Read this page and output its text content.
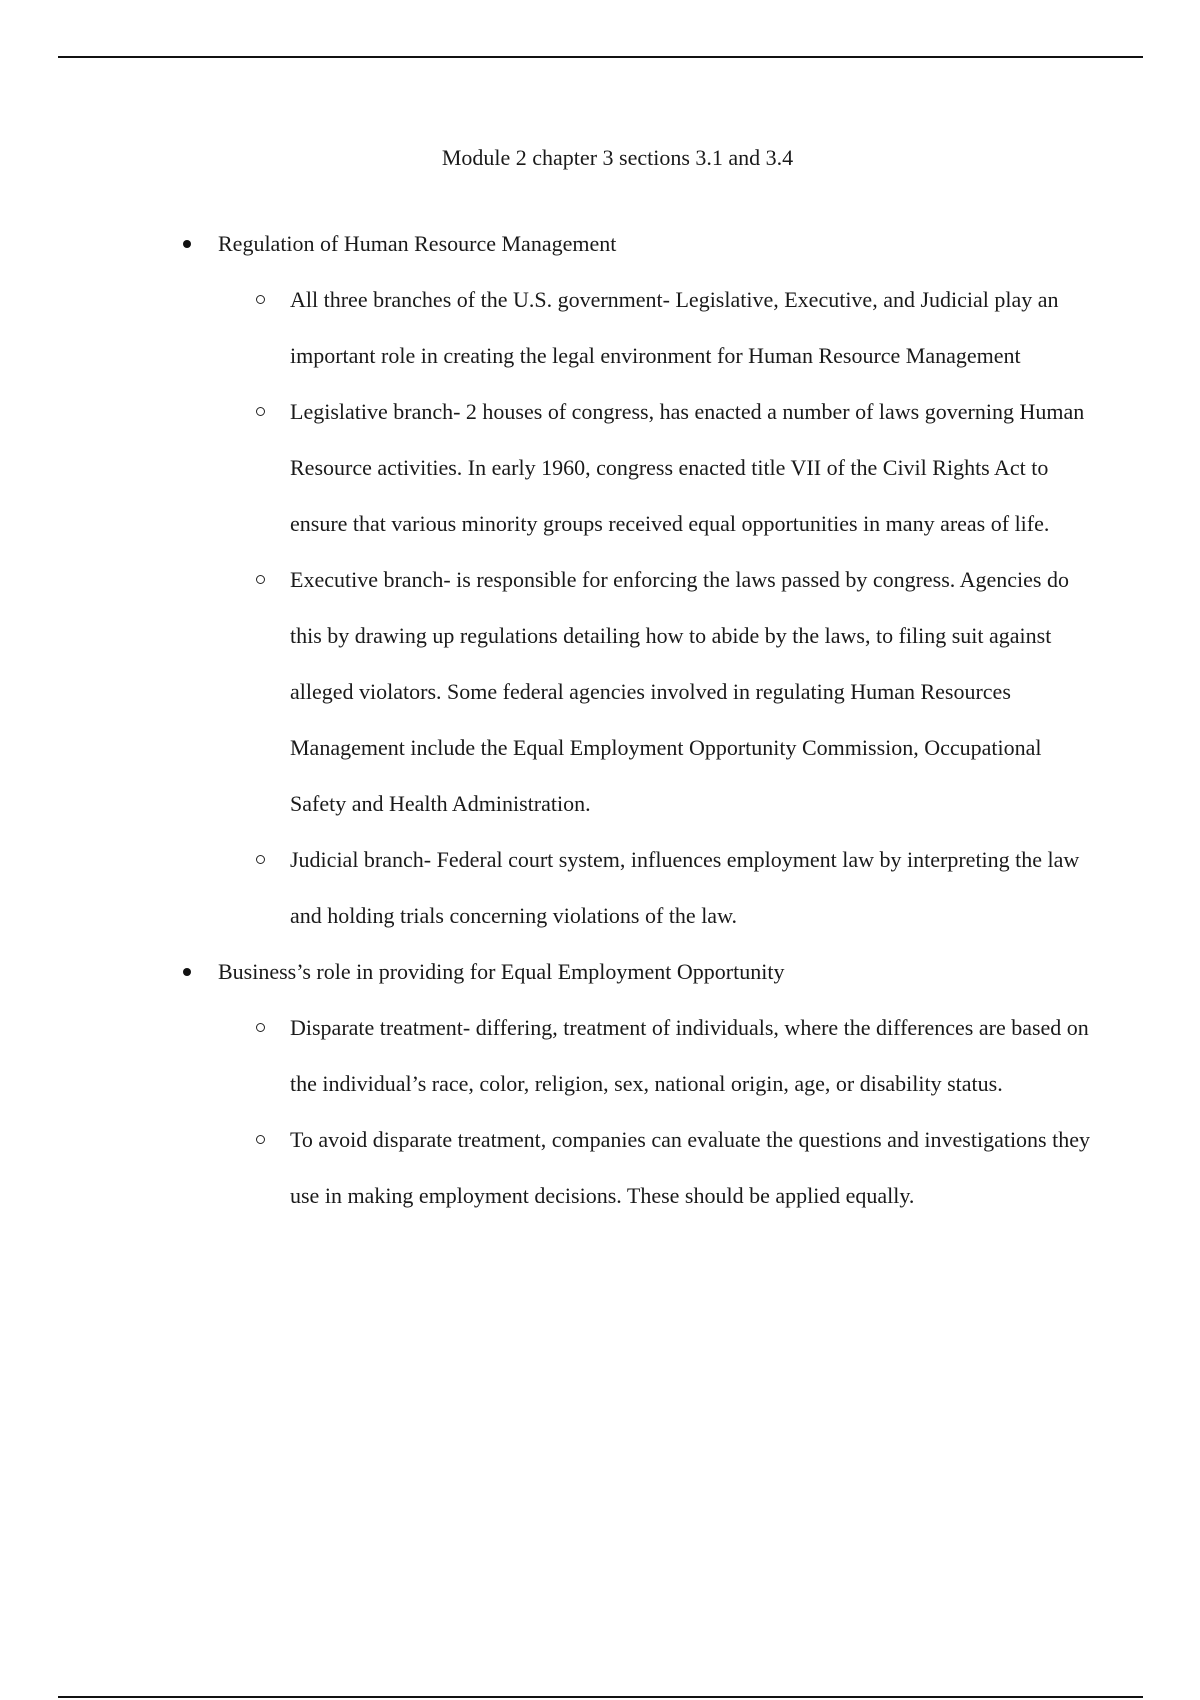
Module 2 chapter 3 sections 3.1 and 3.4
Regulation of Human Resource Management
All three branches of the U.S. government- Legislative, Executive, and Judicial play an important role in creating the legal environment for Human Resource Management
Legislative branch- 2 houses of congress, has enacted a number of laws governing Human Resource activities. In early 1960, congress enacted title VII of the Civil Rights Act to ensure that various minority groups received equal opportunities in many areas of life.
Executive branch- is responsible for enforcing the laws passed by congress. Agencies do this by drawing up regulations detailing how to abide by the laws, to filing suit against alleged violators. Some federal agencies involved in regulating Human Resources Management include the Equal Employment Opportunity Commission, Occupational Safety and Health Administration.
Judicial branch- Federal court system, influences employment law by interpreting the law and holding trials concerning violations of the law.
Business’s role in providing for Equal Employment Opportunity
Disparate treatment- differing, treatment of individuals, where the differences are based on the individual’s race, color, religion, sex, national origin, age, or disability status.
To avoid disparate treatment, companies can evaluate the questions and investigations they use in making employment decisions. These should be applied equally.
